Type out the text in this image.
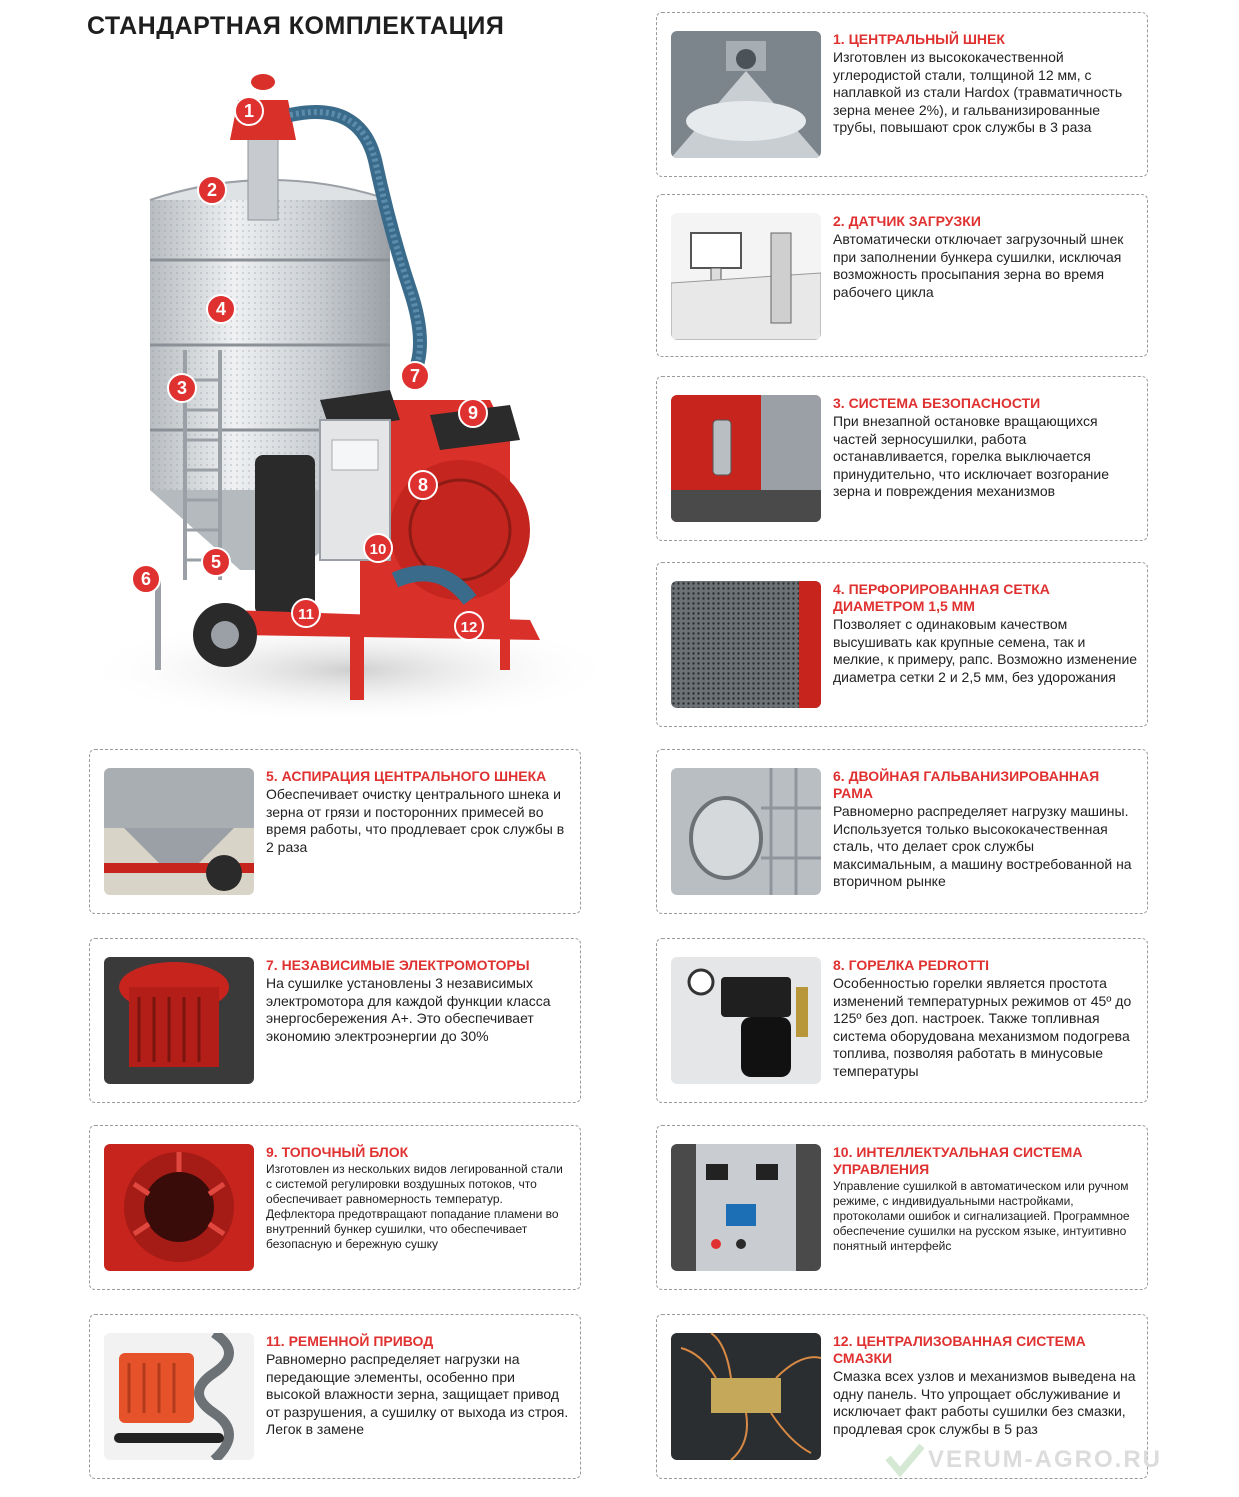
СТАНДАРТНАЯ КОМПЛЕКТАЦИЯ
1
2
3
4
5
6
7
8
9
10
11
12
1. ЦЕНТРАЛЬНЫЙ ШНЕК

Изготовлен из высококачественной углеродистой стали, толщиной 12 мм, с наплавкой из стали Hardox (травматичность зерна менее 2%), и гальванизированные трубы, повышают срок службы в 3 раза

2. ДАТЧИК ЗАГРУЗКИ

Автоматически отключает загрузочный шнек при заполнении бункера сушилки, исключая возможность просыпания зерна во время рабочего цикла

3. СИСТЕМА БЕЗОПАСНОСТИ

При внезапной остановке вращающихся частей зерносушилки, работа останавливается, горелка выключается принудительно, что исключает возгорание зерна и повреждения механизмов

4. ПЕРФОРИРОВАННАЯ СЕТКА ДИАМЕТРОМ 1,5 ММ

Позволяет с одинаковым качеством высушивать как крупные семена, так и мелкие, к примеру, рапс. Возможно изменение диаметра сетки 2 и 2,5 мм, без удорожания

5. АСПИРАЦИЯ ЦЕНТРАЛЬНОГО ШНЕКА

Обеспечивает очистку центрального шнека и зерна от грязи и посторонних примесей во время работы, что продлевает срок службы в 2 раза

7. НЕЗАВИСИМЫЕ ЭЛЕКТРОМОТОРЫ

На сушилке установлены 3 независимых электромотора для каждой функции класса энергосбережения А+. Это обеспечивает экономию электроэнергии до 30%

9. ТОПОЧНЫЙ БЛОК

Изготовлен из нескольких видов легированной стали с системой регулировки воздушных потоков, что обеспечивает равномерность температур. Дефлектора предотвращают попадание пламени во внутренний бункер сушилки, что обеспечивает безопасную и бережную сушку

11. РЕМЕННОЙ ПРИВОД

Равномерно распределяет нагрузки на передающие элементы, особенно при высокой влажности зерна, защищает привод от разрушения, а сушилку от выхода из строя. Легок в замене

6. ДВОЙНАЯ ГАЛЬВАНИЗИРОВАННАЯ РАМА

Равномерно распределяет нагрузку машины. Используется только высококачественная сталь, что делает срок службы максимальным, а машину востребованной на вторичном рынке

8. ГОРЕЛКА PEDROTTI

Особенностью горелки является простота изменений температурных режимов от 45º до 125º без доп. настроек. Также топливная система оборудована механизмом подогрева топлива, позволяя работать в минусовые температуры

10. ИНТЕЛЛЕКТУАЛЬНАЯ СИСТЕМА УПРАВЛЕНИЯ

Управление сушилкой в автоматическом или ручном режиме, с индивидуальными настройками, протоколами ошибок и сигнализацией. Программное обеспечение сушилки на русском языке, интуитивно понятный интерфейс

12. ЦЕНТРАЛИЗОВАННАЯ СИСТЕМА СМАЗКИ

Смазка всех узлов и механизмов выведена на одну панель. Что упрощает обслуживание и исключает факт работы сушилки без смазки, продлевая срок службы в 5 раз

VERUM-AGRO.RU
